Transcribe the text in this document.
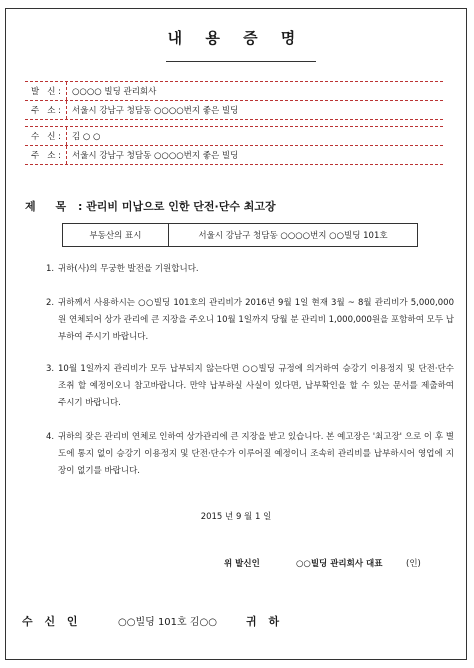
내 용 증 명
발 신 :	○○○○ 빌딩 관리회사
주 소 :	서울시 강남구 청담동 ○○○○번지 좋은 빌딩
수 신 :	김 ○ ○
주 소 :	서울시 강남구 청담동 ○○○○번지 좋은 빌딩
제 목 : 관리비 미납으로 인한 단전·단수 최고장
부동산의 표시	서울시 강남구 청담동 ○○○○번지 ○○빌딩 101호
1. 귀하(사)의 무궁한 발전을 기원합니다.
2. 귀하께서 사용하시는 ○○빌딩 101호의 관리비가 2016년 9월 1일 현재 3월 ~ 8월 관리비가 5,000,000원 연체되어 상가 관리에 큰 지장을 주오니 10월 1일까지 당월 분 관리비 1,000,000원을 포함하여 모두 납부하여 주시기 바랍니다.
3. 10월 1일까지 관리비가 모두 납부되지 않는다면 ○○빌딩 규정에 의거하여 승강기 이용정지 및 단전·단수 조취 할 예정이오니 참고바랍니다. 만약 납부하실 사실이 있다면, 납부확인을 할 수 있는 문서를 제출하여 주시기 바랍니다.
4. 귀하의 잦은 관리비 연체로 인하여 상가관리에 큰 지장을 받고 있습니다. 본 예고장은 '최고장' 으로 이 후 별도에 통지 없이 승강기 이용정지 및 단전·단수가 이루어질 예정이니 조속히 관리비를 납부하시어 영업에 지장이 없기를 바랍니다.
2015 년 9 월 1 일
위 발신인	○○빌딩 관리회사 대표	(인)
수 신 인	○○빌딩 101호 김○○	귀 하
